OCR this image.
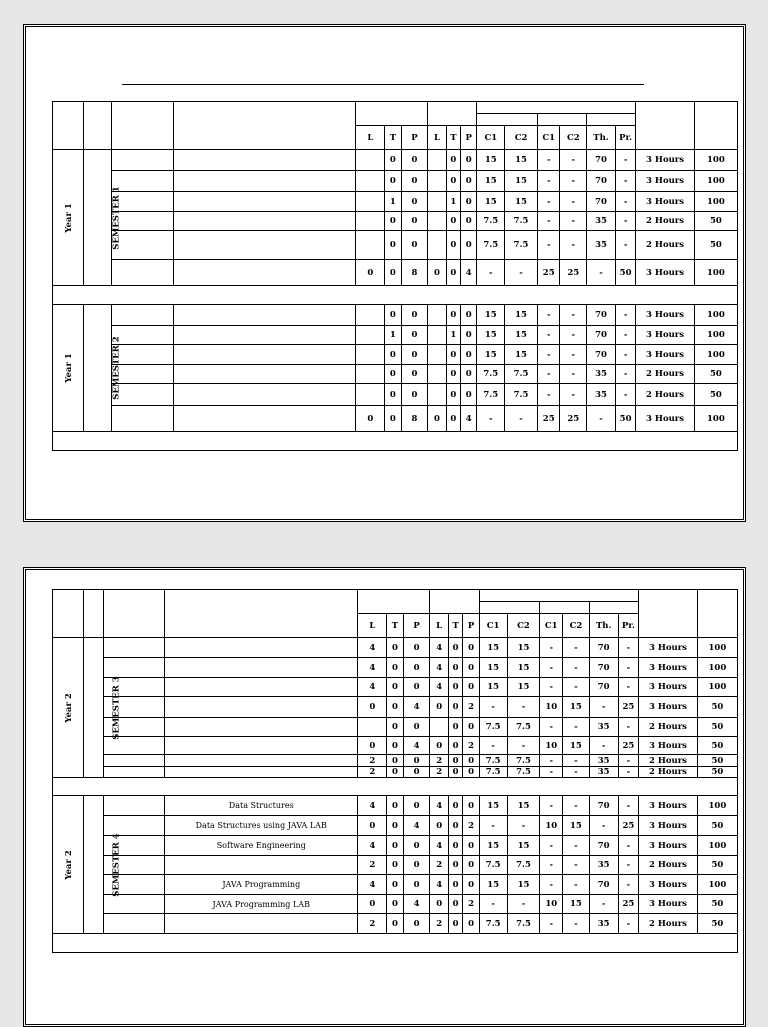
				L	T	P	L	T	P	C1	C2	C1	C2	Th.	Pr.		
Year 1	SEMESTER 1				0	0		0	0	15	15	-	-	70	-	3 Hours	100
					0	0		0	0	15	15	-	-	70	-	3 Hours	100
					1	0		1	0	15	15	-	-	70	-	3 Hours	100
					0	0		0	0	7.5	7.5	-	-	35	-	2 Hours	50
					0	0		0	0	7.5	7.5	-	-	35	-	2 Hours	50
				0	0	8	0	0	4	-	-	25	25	-	50	3 Hours	100

Year 1	SEMESTER 2				0	0		0	0	15	15	-	-	70	-	3 Hours	100
					1	0		1	0	15	15	-	-	70	-	3 Hours	100
					0	0		0	0	15	15	-	-	70	-	3 Hours	100
					0	0		0	0	7.5	7.5	-	-	35	-	2 Hours	50
					0	0		0	0	7.5	7.5	-	-	35	-	2 Hours	50
				0	0	8	0	0	4	-	-	25	25	-	50	3 Hours	100

				L	T	P	L	T	P	C1	C2	C1	C2	Th.	Pr.		
Year 2	SEMESTER 3			4	0	0	4	0	0	15	15	-	-	70	-	3 Hours	100
				4	0	0	4	0	0	15	15	-	-	70	-	3 Hours	100
				4	0	0	4	0	0	15	15	-	-	70	-	3 Hours	100
				0	0	4	0	0	2	-	-	10	15	-	25	3 Hours	50
					0	0		0	0	7.5	7.5	-	-	35	-	2 Hours	50
				0	0	4	0	0	2	-	-	10	15	-	25	3 Hours	50
				2	0	0	2	0	0	7.5	7.5	-	-	35	-	2 Hours	50
				2	0	0	2	0	0	7.5	7.5	-	-	35	-	2 Hours	50

Year 2	SEMESTER 4		Data Structures	4	0	0	4	0	0	15	15	-	-	70	-	3 Hours	100
			Data Structures using JAVA LAB	0	0	4	0	0	2	-	-	10	15	-	25	3 Hours	50
			Software Engineering	4	0	0	4	0	0	15	15	-	-	70	-	3 Hours	100
				2	0	0	2	0	0	7.5	7.5	-	-	35	-	2 Hours	50
			JAVA Programming	4	0	0	4	0	0	15	15	-	-	70	-	3 Hours	100
			JAVA Programming LAB	0	0	4	0	0	2	-	-	10	15	-	25	3 Hours	50
				2	0	0	2	0	0	7.5	7.5	-	-	35	-	2 Hours	50
